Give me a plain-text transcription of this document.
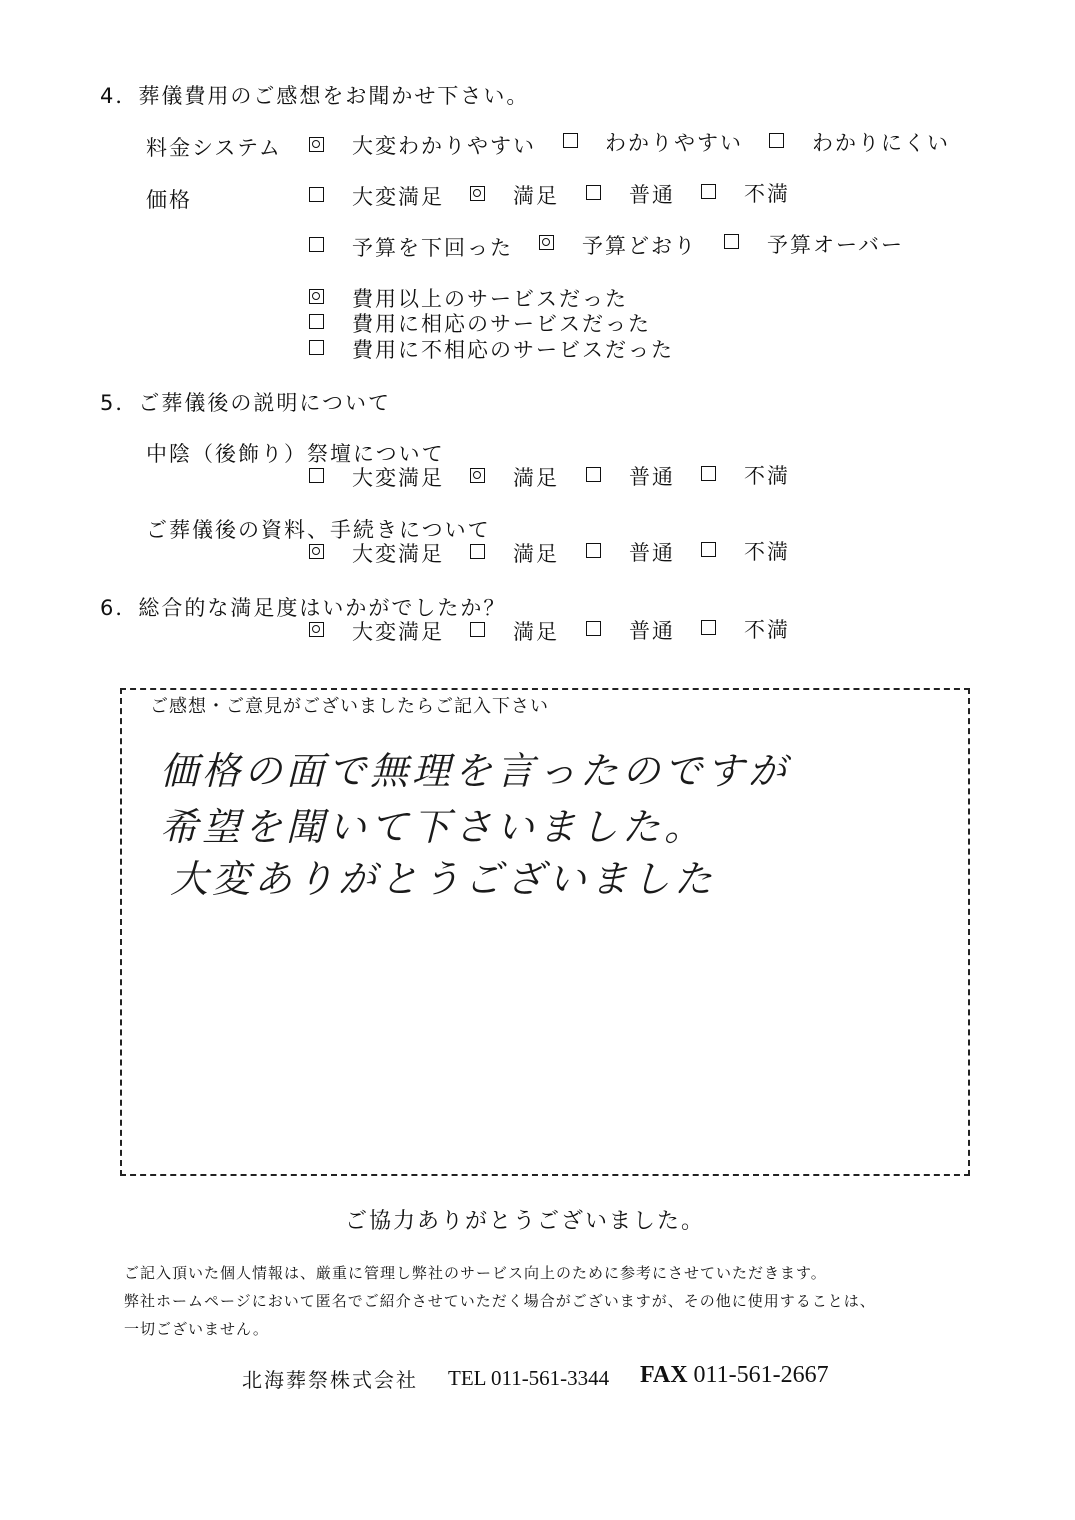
4．葬儀費用のご感想をお聞かせ下さい。
料金システム	大変わかりやすい	わかりやすい	わかりにくい
価格	大変満足	満足	普通	不満
予算を下回った	予算どおり	予算オーバー
費用以上のサービスだった
費用に相応のサービスだった
費用に不相応のサービスだった
5．ご葬儀後の説明について
中陰（後飾り）祭壇について
大変満足	満足	普通	不満
ご葬儀後の資料、手続きについて
大変満足	満足	普通	不満
6．総合的な満足度はいかがでしたか？
大変満足	満足	普通	不満
ご感想・ご意見がございましたらご記入下さい
価格の面で無理を言ったのですが
希望を聞いて下さいました。
大変ありがとうございました
ご協力ありがとうございました。
ご記入頂いた個人情報は、厳重に管理し弊社のサービス向上のために参考にさせていただきます。
弊社ホームページにおいて匿名でご紹介させていただく場合がございますが、その他に使用することは、
一切ございません。
北海葬祭株式会社 TEL 011-561-3344 FAX 011-561-2667
